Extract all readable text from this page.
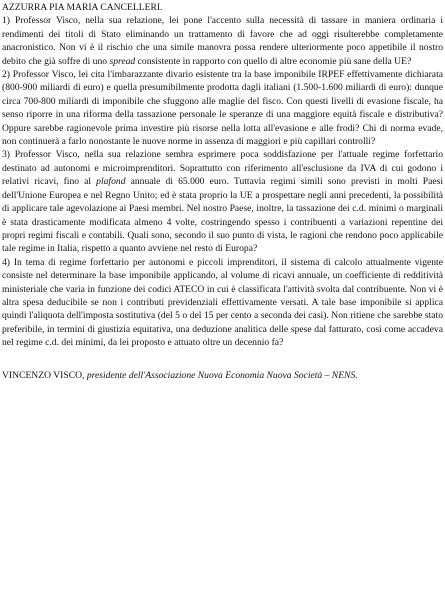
AZZURRA PIA MARIA CANCELLERI.

1) Professor Visco, nella sua relazione, lei pone l'accento sulla necessità di tassare in maniera ordinaria i rendimenti dei titoli di Stato eliminando un trattamento di favore che ad oggi risulterebbe completamente anacronistico. Non vi è il rischio che una simile manovra possa rendere ulteriormente poco appetibile il nostro debito che già soffre di uno spread consistente in rapporto con quello di altre economie più sane della UE?

2) Professor Visco, lei cita l'imbarazzante divario esistente tra la base imponibile IRPEF effettivamente dichiarata (800-900 miliardi di euro) e quella presumibilmente prodotta dagli italiani (1.500-1.600 miliardi di euro): dunque circa 700-800 miliardi di imponibile che sfuggono alle maglie del fisco. Con questi livelli di evasione fiscale, ha senso riporre in una riforma della tassazione personale le speranze di una maggiore equità fiscale e distributiva? Oppure sarebbe ragionevole prima investire più risorse nella lotta all'evasione e alle frodi? Chi di norma evade, non continuerà a farlo nonostante le nuove norme in assenza di maggiori e più capillari controlli?

3) Professor Visco, nella sua relazione sembra esprimere poca soddisfazione per l'attuale regime forfettario destinato ad autonomi e microimprenditori. Soprattutto con riferimento all'esclusione da IVA di cui godono i relativi ricavi, fino al plafond annuale di 65.000 euro. Tuttavia regimi simili sono previsti in molti Paesi dell'Unione Europea e nel Regno Unito; ed è stata proprio la UE a prospettare negli anni precedenti, la possibilità di applicare tale agevolazione ai Paesi membri. Nel nostro Paese, inoltre, la tassazione dei c.d. minimi o marginali è stata drasticamente modificata almeno 4 volte, costringendo spesso i contribuenti a variazioni repentine dei propri regimi fiscali e contabili. Quali sono, secondo il suo punto di vista, le ragioni che rendono poco applicabile tale regime in Italia, rispetto a quanto avviene nel resto di Europa?

4) In tema di regime forfettario per autonomi e piccoli imprenditori, il sistema di calcolo attualmente vigente consiste nel determinare la base imponibile applicando, al volume di ricavi annuale, un coefficiente di redditività ministeriale che varia in funzione dei codici ATECO in cui è classificata l'attività svolta dal contribuente. Non vi è altra spesa deducibile se non i contributi previdenziali effettivamente versati. A tale base imponibile si applica quindi l'aliquota dell'imposta sostitutiva (del 5 o del 15 per cento a seconda dei casi). Non ritiene che sarebbe stato preferibile, in termini di giustizia equitativa, una deduzione analitica delle spese dal fatturato, così come accadeva nel regime c.d. dei minimi, da lei proposto e attuato oltre un decennio fa?

VINCENZO VISCO, presidente dell'Associazione Nuova Economia Nuova Società – NENS.
